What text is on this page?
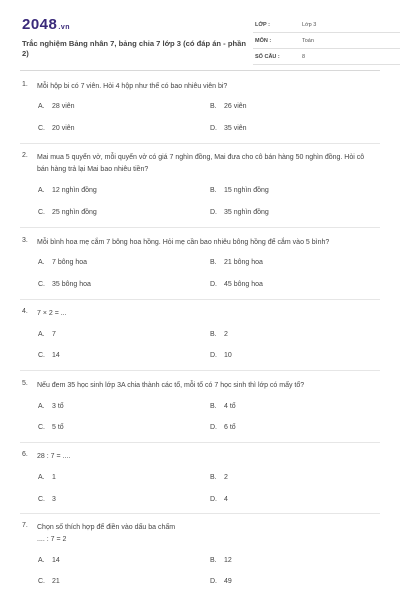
2048.vn
Trắc nghiệm Bảng nhân 7, bảng chia 7 lớp 3 (có đáp án - phần 2)
LỚP :	Lớp 3
MÔN :	Toán
SỐ CÂU :	8
1. Mỗi hộp bi có 7 viên. Hỏi 4 hộp như thế có bao nhiêu viên bi?
A. 28 viên	B. 26 viên
C. 20 viên	D. 35 viên
2. Mai mua 5 quyển vở, mỗi quyển vở có giá 7 nghìn đồng, Mai đưa cho cô bán hàng 50 nghìn đồng. Hỏi cô bán hàng trả lại Mai bao nhiêu tiền?
A. 12 nghìn đồng	B. 15 nghìn đồng
C. 25 nghìn đồng	D. 35 nghìn đồng
3. Mỗi bình hoa mẹ cắm 7 bông hoa hồng. Hỏi mẹ cần bao nhiêu bông hồng để cắm vào 5 bình?
A. 7 bông hoa	B. 21 bông hoa
C. 35 bông hoa	D. 45 bông hoa
4. 7 × 2 = ...
A. 7	B. 2
C. 14	D. 10
5. Nếu đem 35 học sinh lớp 3A chia thành các tổ, mỗi tổ có 7 học sinh thì lớp có mấy tổ?
A. 3 tổ	B. 4 tổ
C. 5 tổ	D. 6 tổ
6. 28 : 7 = ....
A. 1	B. 2
C. 3	D. 4
7. Chọn số thích hợp để điền vào dấu ba chấm
.... : 7 = 2
A. 14	B. 12
C. 21	D. 49
